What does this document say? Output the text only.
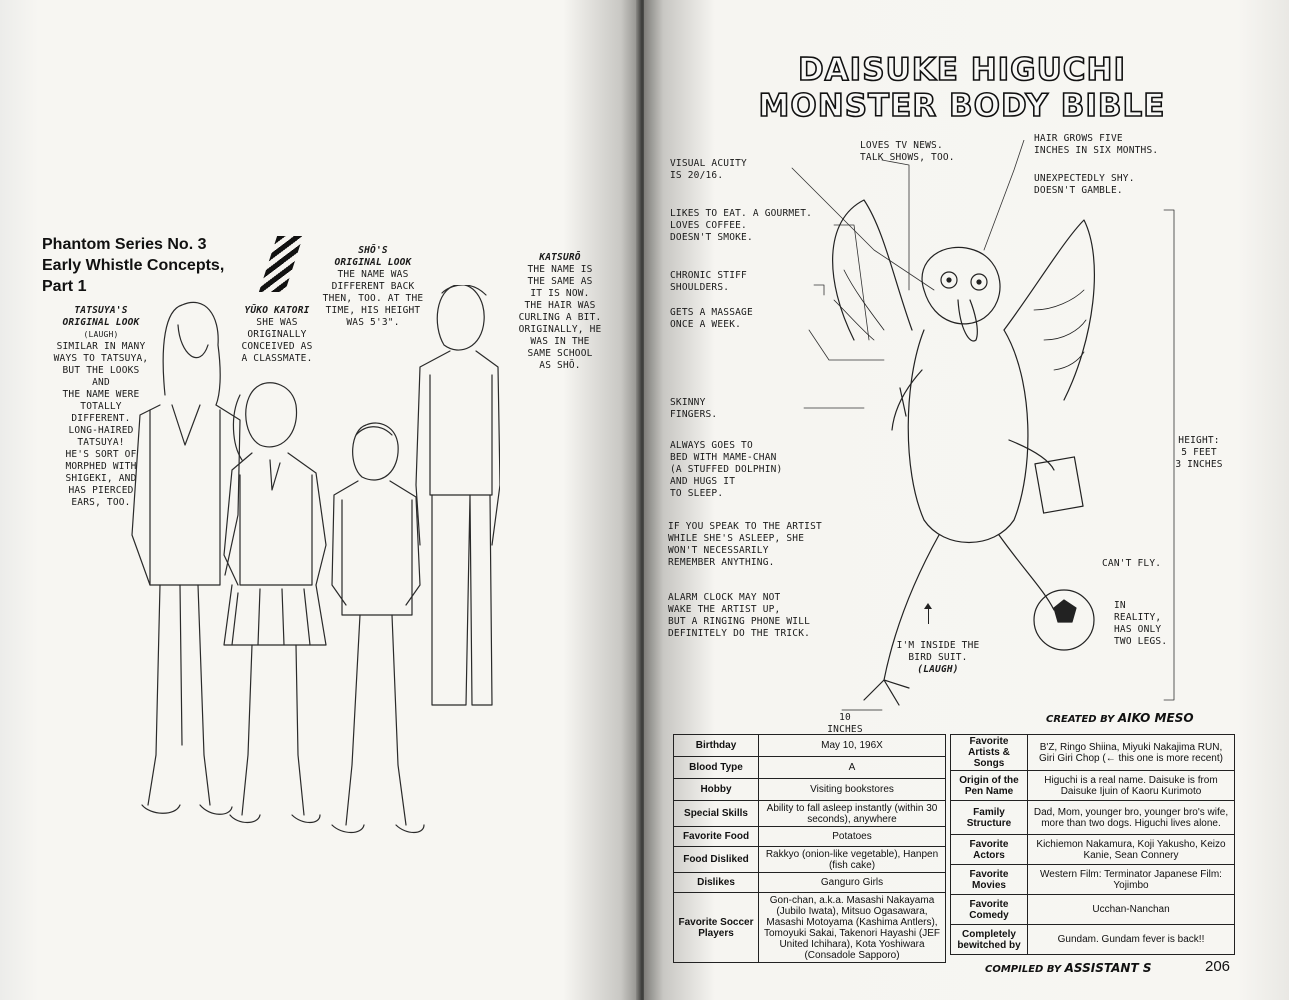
Phantom Series No. 3
Early Whistle Concepts,
Part 1
TATSUYA'S
ORIGINAL LOOK
(LAUGH)
SIMILAR IN MANY
WAYS TO TATSUYA,
BUT THE LOOKS AND
THE NAME WERE
TOTALLY DIFFERENT.
LONG-HAIRED
TATSUYA!
HE'S SORT OF
MORPHED WITH
SHIGEKI, AND
HAS PIERCED
EARS, TOO.
YŪKO KATORI
SHE WAS
ORIGINALLY
CONCEIVED AS
A CLASSMATE.
SHŌ'S
ORIGINAL LOOK
THE NAME WAS
DIFFERENT BACK
THEN, TOO. AT THE
TIME, HIS HEIGHT
WAS 5'3".
KATSURŌ
THE NAME IS
THE SAME AS
IT IS NOW.
THE HAIR WAS
CURLING A BIT.
ORIGINALLY, HE
WAS IN THE
SAME SCHOOL
AS SHŌ.
DAISUKE HIGUCHI
MONSTER BODY BIBLE
VISUAL ACUITY
IS 20/16.
LOVES TV NEWS.
TALK SHOWS, TOO.
HAIR GROWS FIVE
INCHES IN SIX MONTHS.
UNEXPECTEDLY SHY.
DOESN'T GAMBLE.
LIKES TO EAT. A GOURMET.
LOVES COFFEE.
DOESN'T SMOKE.
CHRONIC STIFF
SHOULDERS.
GETS A MASSAGE
ONCE A WEEK.
SKINNY
FINGERS.
ALWAYS GOES TO
BED WITH MAME-CHAN
(A STUFFED DOLPHIN)
AND HUGS IT
TO SLEEP.
IF YOU SPEAK TO THE ARTIST
WHILE SHE'S ASLEEP, SHE
WON'T NECESSARILY
REMEMBER ANYTHING.
ALARM CLOCK MAY NOT
WAKE THE ARTIST UP,
BUT A RINGING PHONE WILL
DEFINITELY DO THE TRICK.
HEIGHT:
5 FEET
3 INCHES
CAN'T FLY.
IN
REALITY,
HAS ONLY
TWO LEGS.
I'M INSIDE THE
BIRD SUIT.
(LAUGH)
10
INCHES
CREATED BY AIKO MESO
Birthday	May 10, 196X
Blood Type	A
Hobby	Visiting bookstores
Special Skills	Ability to fall asleep instantly (within 30 seconds), anywhere
Favorite Food	Potatoes
Food Disliked	Rakkyo (onion-like vegetable), Hanpen (fish cake)
Dislikes	Ganguro Girls
Favorite Soccer Players	Gon-chan, a.k.a. Masashi Nakayama (Jubilo Iwata), Mitsuo Ogasawara, Masashi Motoyama (Kashima Antlers), Tomoyuki Sakai, Takenori Hayashi (JEF United Ichihara), Kota Yoshiwara (Consadole Sapporo)
Favorite Artists & Songs	B'Z, Ringo Shiina, Miyuki Nakajima RUN, Giri Giri Chop (← this one is more recent)
Origin of the Pen Name	Higuchi is a real name. Daisuke is from Daisuke Ijuin of Kaoru Kurimoto
Family Structure	Dad, Mom, younger bro, younger bro's wife, more than two dogs. Higuchi lives alone.
Favorite Actors	Kichiemon Nakamura, Koji Yakusho, Keizo Kanie, Sean Connery
Favorite Movies	Western Film: Terminator Japanese Film: Yojimbo
Favorite Comedy	Ucchan-Nanchan
Completely bewitched by	Gundam. Gundam fever is back!!
COMPILED BY ASSISTANT S	206
